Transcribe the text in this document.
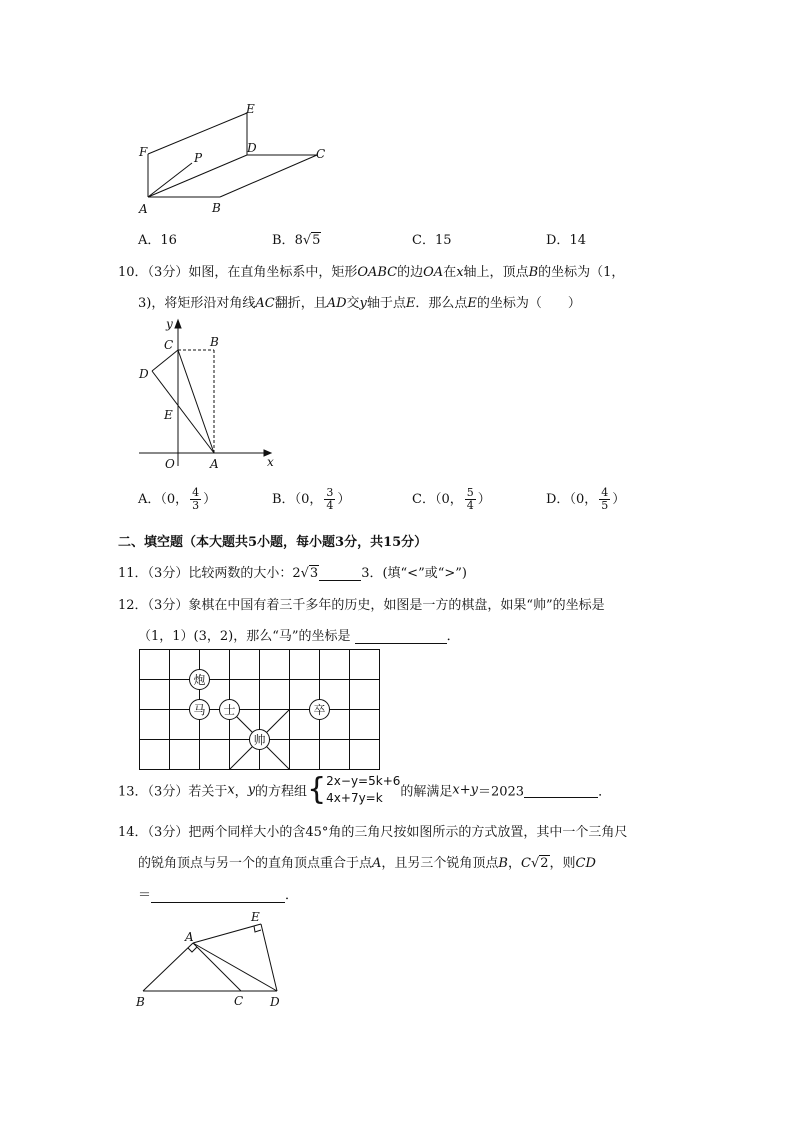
E
F	P
D	C
A	B
A．16	B．8√5	C．15	D．14
10．（3分）如图，在直角坐标系中，矩形OABC的边OA在x轴上，顶点B的坐标为（1，
3)，将矩形沿对角线AC翻折，且AD交y轴于点E．那么点E的坐标为（　　）
y
C	B
D
E
O	A	x
A．（0， $\frac{4}{3}$ ）	B．（0， $\frac{3}{4}$ ）	C．（0， $\frac{5}{4}$ ）	D．（0， $\frac{4}{5}$ ）
二、填空题（本大题共5小题，每小题3分，共15分）
11．（3分）比较两数的大小：2√3	3．(填“<”或“>”)
12．（3分）象棋在中国有着三千多年的历史，如图是一方的棋盘，如果“帅”的坐标是
（1，1）(3，2)，那么“马”的坐标是	．
炮
马 士	卒
帅
13．（3分）若关于x，y的方程组{ 2x−y=5k+6
4x+7y=k	的解满足x+y＝2023	．
14．（3分）把两个同样大小的含45°角的三角尺按如图所示的方式放置，其中一个三角尺
的锐角顶点与另一个的直角顶点重合于点A，且另三个锐角顶点B，C√2，则CD
＝	．
E
A
B	C D
